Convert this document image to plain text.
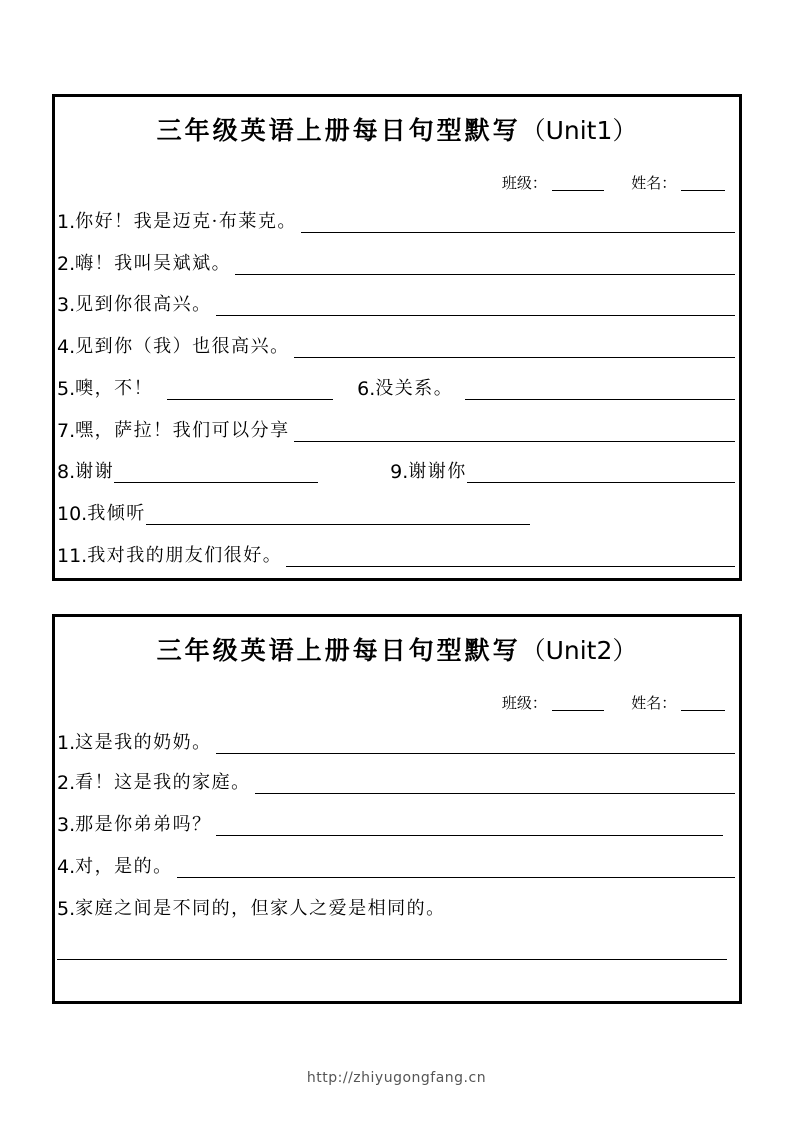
三年级英语上册每日句型默写（Unit1）
班级：	姓名：
1. 你好！我是迈克·布莱克。
2. 嗨！我叫吴斌斌。
3. 见到你很高兴。
4. 见到你（我）也很高兴。
5. 噢，不！	6. 没关系。
7. 嘿，萨拉！我们可以分享
8. 谢谢	9. 谢谢你
10. 我倾听
11. 我对我的朋友们很好。
三年级英语上册每日句型默写（Unit2）
班级：	姓名：
1. 这是我的奶奶。
2. 看！这是我的家庭。
3. 那是你弟弟吗？
4. 对，是的。
5. 家庭之间是不同的，但家人之爱是相同的。
http://zhiyugongfang.cn
